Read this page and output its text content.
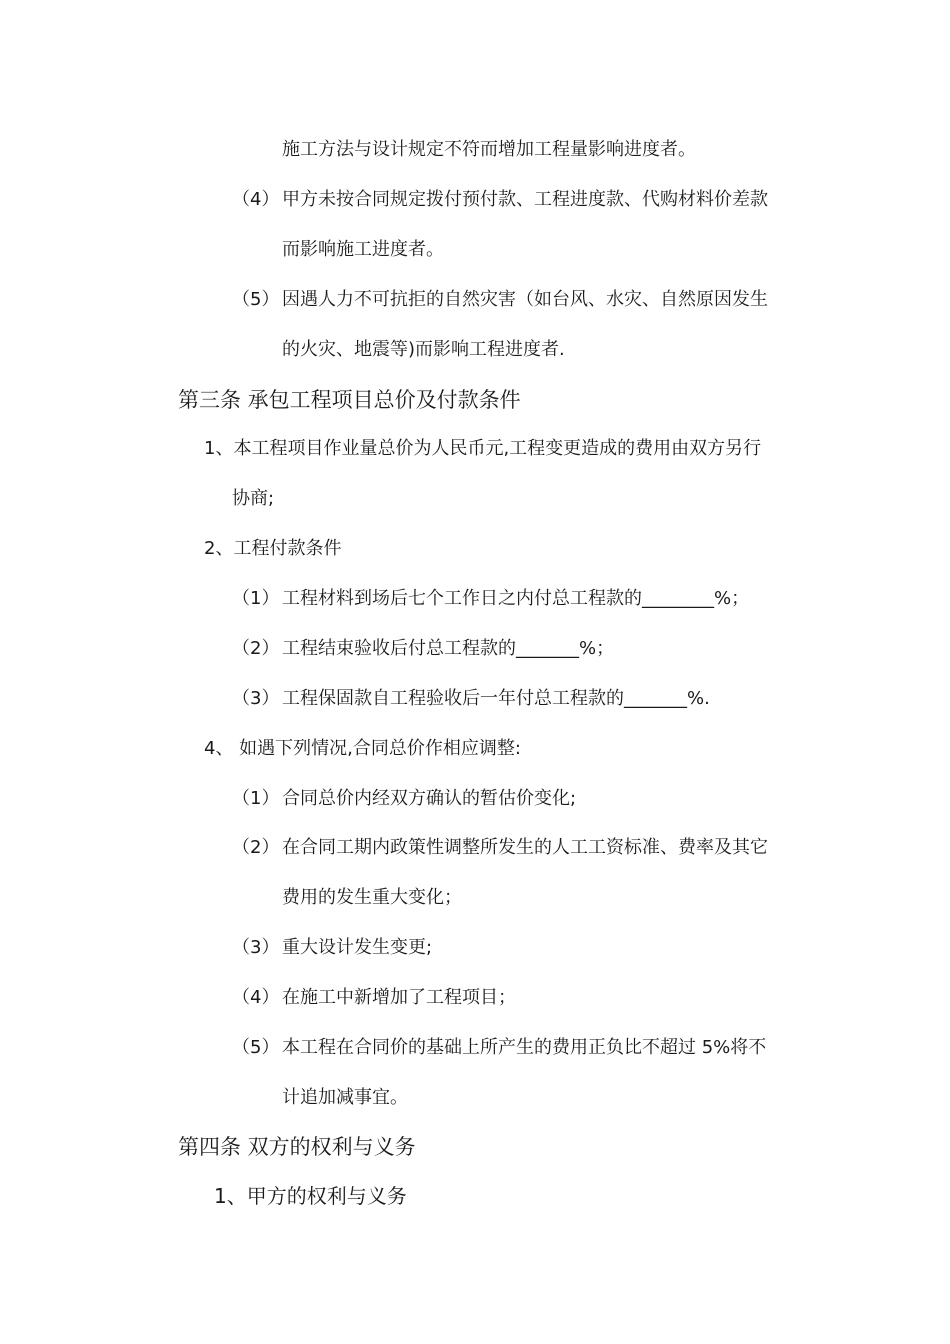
施工方法与设计规定不符而增加工程量影响进度者。
（4） 甲方未按合同规定拨付预付款、工程进度款、代购材料价差款
而影响施工进度者。
（5） 因遇人力不可抗拒的自然灾害（如台风、水灾、自然原因发生
的火灾、地震等)而影响工程进度者.
第三条 承包工程项目总价及付款条件
1、本工程项目作业量总价为人民币元,工程变更造成的费用由双方另行
协商;
2、工程付款条件
（1） 工程材料到场后七个工作日之内付总工程款的________%；
（2） 工程结束验收后付总工程款的_______%；
（3） 工程保固款自工程验收后一年付总工程款的_______%.
4、 如遇下列情况,合同总价作相应调整:
（1） 合同总价内经双方确认的暂估价变化;
（2） 在合同工期内政策性调整所发生的人工工资标准、费率及其它
费用的发生重大变化；
（3） 重大设计发生变更;
（4） 在施工中新增加了工程项目；
（5） 本工程在合同价的基础上所产生的费用正负比不超过 5%将不
计追加减事宜。
第四条 双方的权利与义务
1、甲方的权利与义务
